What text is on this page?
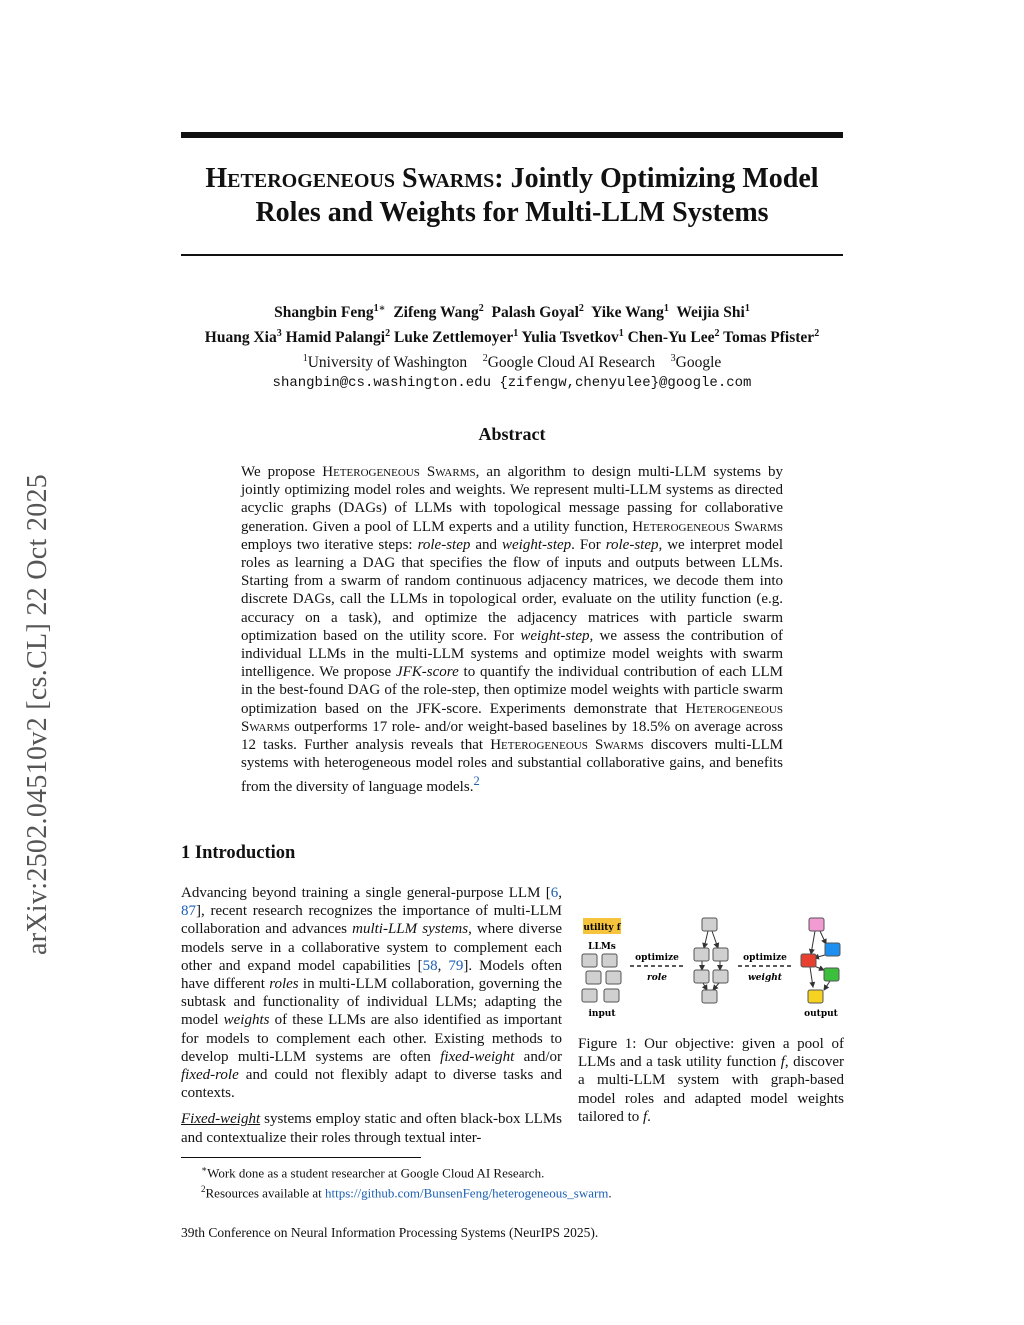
Heterogeneous Swarms: Jointly Optimizing Model
Roles and Weights for Multi-LLM Systems
Shangbin Feng$^{1∗}$ Zifeng Wang$^2$ Palash Goyal$^2$ Yike Wang$^1$ Weijia Shi$^1$
Huang Xia$^3$ Hamid Palangi$^2$ Luke Zettlemoyer$^1$ Yulia Tsvetkov$^1$ Chen-Yu Lee$^2$ Tomas Pfister$^2$
$^1$University of Washington $^2$Google Cloud AI Research $^3$Google
shangbin@cs.washington.edu {zifengw,chenyulee}@google.com
arXiv:2502.04510v2 [cs.CL] 22 Oct 2025
Abstract
We propose Heterogeneous Swarms, an algorithm to design multi-LLM systems by jointly optimizing model roles and weights. We represent multi-LLM systems as directed acyclic graphs (DAGs) of LLMs with topological message passing for collaborative generation. Given a pool of LLM experts and a utility function, Heterogeneous Swarms employs two iterative steps: role-step and weight-step. For role-step, we interpret model roles as learning a DAG that specifies the flow of inputs and outputs between LLMs. Starting from a swarm of random continuous adjacency matrices, we decode them into discrete DAGs, call the LLMs in topological order, evaluate on the utility function (e.g. accuracy on a task), and optimize the adjacency matrices with particle swarm optimization based on the utility score. For weight-step, we assess the contribution of individual LLMs in the multi-LLM systems and optimize model weights with swarm intelligence. We propose JFK-score to quantify the individual contribution of each LLM in the best-found DAG of the role-step, then optimize model weights with particle swarm optimization based on the JFK-score. Experiments demonstrate that Heterogeneous Swarms outperforms 17 role- and/or weight-based baselines by 18.5% on average across 12 tasks. Further analysis reveals that Heterogeneous Swarms discovers multi-LLM systems with heterogeneous model roles and substantial collaborative gains, and benefits from the diversity of language models.$^2$
1 Introduction

Advancing beyond training a single general-purpose LLM [6, 87], recent research recognizes the importance of multi-LLM collaboration and advances multi-LLM systems, where diverse models serve in a collaborative system to complement each other and expand model capabilities [58, 79]. Models often have different roles in multi-LLM collaboration, governing the subtask and functionality of individual LLMs; adapting the model weights of these LLMs are also identified as important for models to complement each other. Existing methods to develop multi-LLM systems are often fixed-weight and/or fixed-role and could not flexibly adapt to diverse tasks and contexts.

Fixed-weight systems employ static and often black-box LLMs and contextualize their roles through textual inter-

utility f
LLMs
input
optimize
role
optimize
weight
output
Figure 1: Our objective: given a pool of LLMs and a task utility function f, discover a multi-LLM system with graph-based model roles and adapted model weights tailored to f.
∗Work done as a student researcher at Google Cloud AI Research.
$^2$Resources available at https://github.com/BunsenFeng/heterogeneous_swarm.
39th Conference on Neural Information Processing Systems (NeurIPS 2025).
